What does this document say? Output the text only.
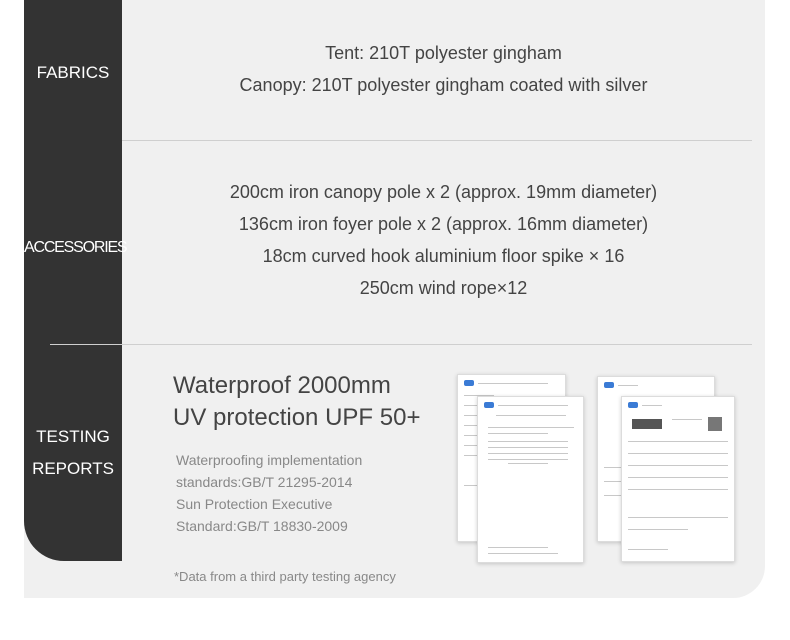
FABRICS
Tent: 210T polyester gingham
Canopy: 210T polyester gingham coated with silver
ACCESSORIES
200cm iron canopy pole x 2 (approx. 19mm diameter)
136cm iron foyer pole x 2 (approx. 16mm diameter)
18cm curved hook aluminium floor spike × 16
250cm wind rope×12
TESTING
REPORTS
Waterproof 2000mm
UV protection UPF 50+
Waterproofing implementation
standards:GB/T 21295-2014
Sun Protection Executive
Standard:GB/T 18830-2009
*Data from a third party testing agency
